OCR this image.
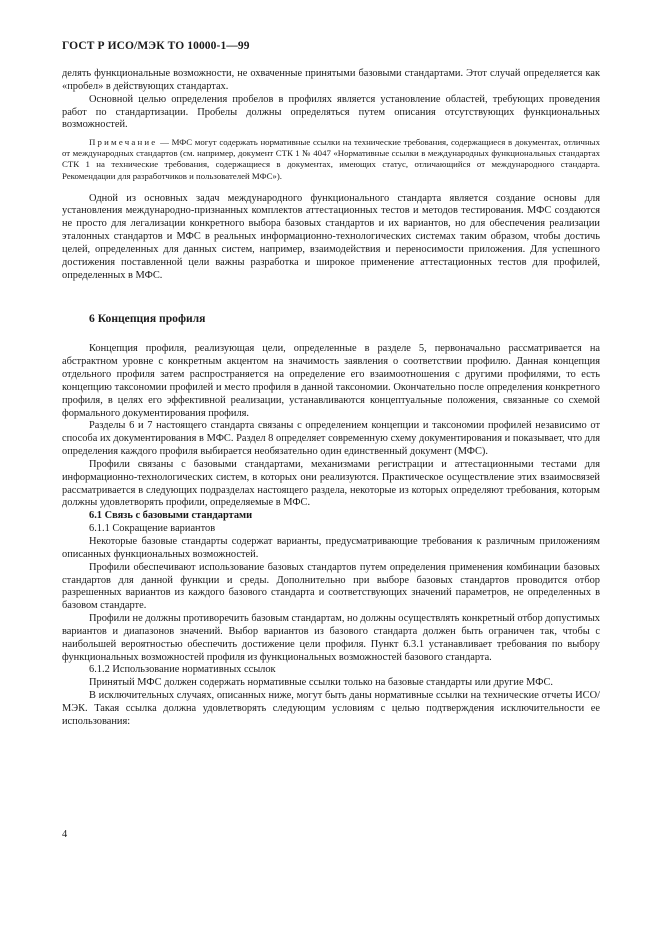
ГОСТ Р ИСО/МЭК ТО 10000-1—99

делять функциональные возможности, не охваченные принятыми базовыми стандартами. Этот случай определяется как «пробел» в действующих стандартах.

Основной целью определения пробелов в профилях является установление областей, требующих проведения работ по стандартизации. Пробелы должны определяться путем описания отсутствующих функциональных возможностей.

Примечание — МФС могут содержать нормативные ссылки на технические требования, содержащиеся в документах, отличных от международных стандартов (см. например, документ СТК 1 № 4047 «Нормативные ссылки в международных функциональных стандартах СТК 1 на технические требования, содержащиеся в документах, имеющих статус, отличающийся от международного стандарта. Рекомендации для разработчиков и пользователей МФС»).

Одной из основных задач международного функционального стандарта является создание основы для установления международно-признанных комплектов аттестационных тестов и методов тестирования. МФС создаются не просто для легализации конкретного выбора базовых стандартов и их вариантов, но для обеспечения реализации эталонных стандартов и МФС в реальных информационно-технологических системах таким образом, чтобы достичь целей, определенных для данных систем, например, взаимодействия и переносимости приложения. Для успешного достижения поставленной цели важны разработка и широкое применение аттестационных тестов для профилей, определенных в МФС.

6 Концепция профиля

Концепция профиля, реализующая цели, определенные в разделе 5, первоначально рассматривается на абстрактном уровне с конкретным акцентом на значимость заявления о соответствии профилю. Данная концепция отдельного профиля затем распространяется на определение его взаимоотношения с другими профилями, то есть концепцию таксономии профилей и место профиля в данной таксономии. Окончательно после определения конкретного профиля, в целях его эффективной реализации, устанавливаются концептуальные положения, связанные со схемой формального документирования профиля.

Разделы 6 и 7 настоящего стандарта связаны с определением концепции и таксономии профилей независимо от способа их документирования в МФС. Раздел 8 определяет современную схему документирования и показывает, что для определения каждого профиля выбирается необязательно один единственный документ (МФС).

Профили связаны с базовыми стандартами, механизмами регистрации и аттестационными тестами для информационно-технологических систем, в которых они реализуются. Практическое осуществление этих взаимосвязей рассматривается в следующих подразделах настоящего раздела, некоторые из которых определяют требования, которым должны удовлетворять профили, определяемые в МФС.

6.1 Связь с базовыми стандартами

6.1.1 Сокращение вариантов

Некоторые базовые стандарты содержат варианты, предусматривающие требования к различным приложениям описанных функциональных возможностей.

Профили обеспечивают использование базовых стандартов путем определения применения комбинации базовых стандартов для данной функции и среды. Дополнительно при выборе базовых стандартов проводится отбор разрешенных вариантов из каждого базового стандарта и соответствующих значений параметров, не определенных в базовом стандарте.

Профили не должны противоречить базовым стандартам, но должны осуществлять конкретный отбор допустимых вариантов и диапазонов значений. Выбор вариантов из базового стандарта должен быть ограничен так, чтобы с наибольшей вероятностью обеспечить достижение цели профиля. Пункт 6.3.1 устанавливает требования по выбору функциональных возможностей профиля из функциональных возможностей базового стандарта.

6.1.2 Использование нормативных ссылок

Принятый МФС должен содержать нормативные ссылки только на базовые стандарты или другие МФС.

В исключительных случаях, описанных ниже, могут быть даны нормативные ссылки на технические отчеты ИСО/МЭК. Такая ссылка должна удовлетворять следующим условиям с целью подтверждения исключительности ее использования:

4
